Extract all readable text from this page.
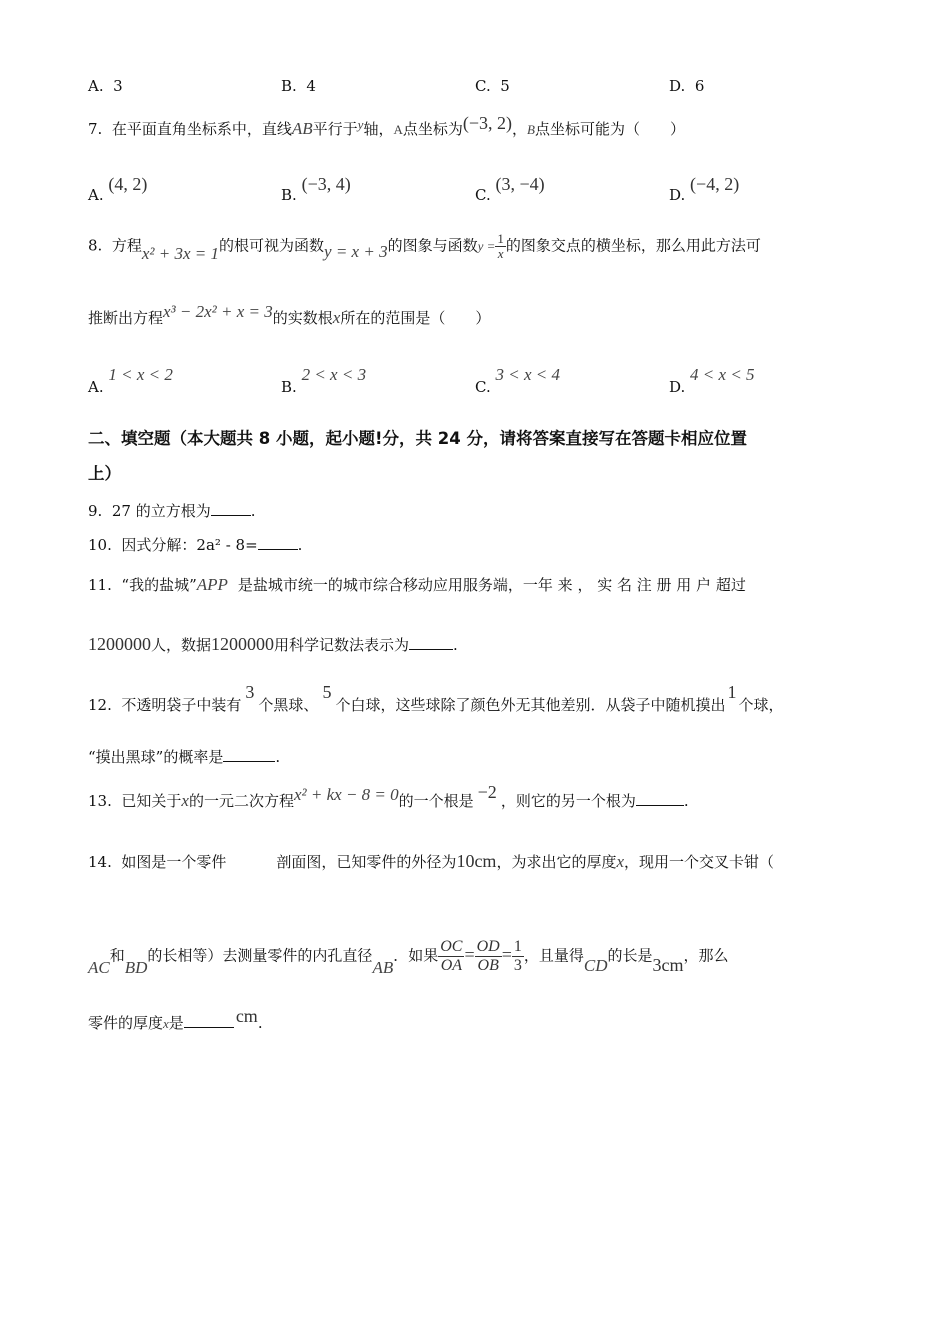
A. 3	B. 4	C. 5	D. 6
7. 在平面直角坐标系中，直线AB平行于y轴，A点坐标为(−3, 2)，B点坐标可能为（　　）
A. (4, 2)
B. (−3, 4)
C. (3, −4)
D. (−4, 2)
8. 方程x² + 3x = 1的根可视为函数y = x + 3的图象与函数$y = \frac{1}{x}$ 的图象交点的横坐标，那么用此方法可
推断出方程x³ − 2x² + x = 3的实数根x所在的范围是（　　）
A. 1 < x < 2
B. 2 < x < 3
C. 3 < x < 4
D. 4 < x < 5
二、填空题（本大题共 8 小题，起小题!分，共 24 分，请将答案直接写在答题卡相应位置
上）
9. 27 的立方根为	.
10. 因式分解：2a² - 8=	.
11. “我的盐城”APP 是盐城市统一的城市综合移动应用服务端，一年 来 ， 实 名 注 册 用 户 超过
1200000人，数据1200000用科学记数法表示为	.
12. 不透明袋子中装有3个黑球、5个白球，这些球除了颜色外无其他差别．从袋子中随机摸出1个球，
“摸出黑球”的概率是	.
13. 已知关于x的一元二次方程x² + kx − 8 = 0的一个根是 −2 ，则它的另一个根为	.
14. 如图是一个零件	剖面图，已知零件的外径为10cm，为求出它的厚度x，现用一个交叉卡钳（
AC和BD的长相等）去测量零件的内孔直径AB．如果 $\frac{OC}{OA} = \frac{OD}{OB} = \frac{1}{3}$ ，且量得CD的长是3cm，那么
零件的厚度x是	cm.
